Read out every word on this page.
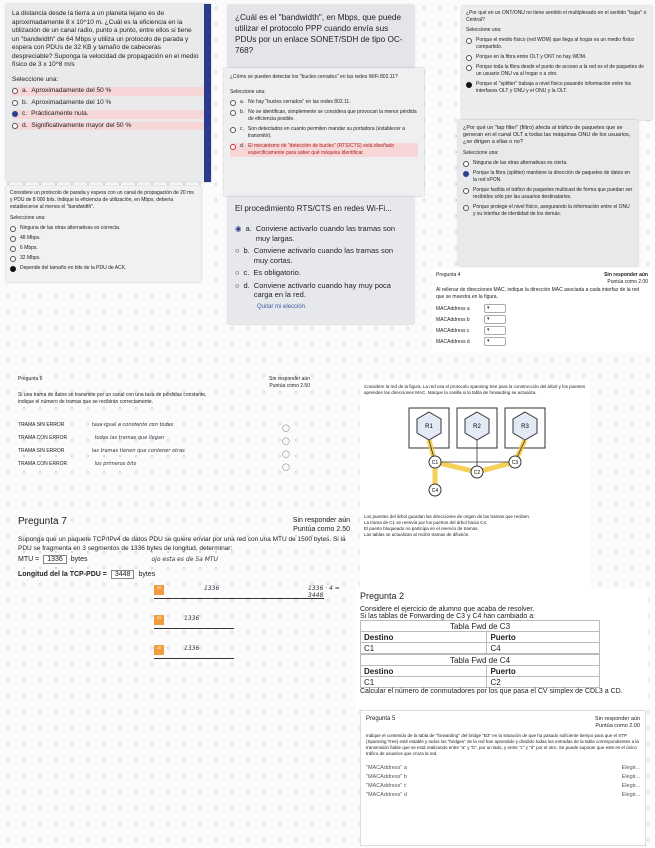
La distancia desde la tierra a un planeta lejano es de aproximadamente 8 x 10^10 m. ¿Cuál es la eficiencia en la utilización de un canal radio, punto a punto, entre ellos si tiene un "bandwidth" de 64 Mbps y utiliza un protocolo de parada y espera con PDUs de 32 KB y tamaño de cabeceras despreciable? Suponga la velocidad de propagación en el medio físico de 3 x 10^8 m/s
Seleccione una:
a. Aproximadamente del 50 %
b. Aproximadamente del 10 %
c. Prácticamente nula.
d. Significativamente mayor del 50 %
¿Cuál es el "bandwidth", en Mbps, que puede utilizar el protocolo PPP cuando envía sus PDUs por un enlace SONET/SDH de tipo OC-768?
¿Por qué en un ONT/ONU no tiene sentido el multiplexado en el sentido "bajar" o Central?
Seleccione una:
Porque el medio físico (red WDM) que llega al hogar es un medio físico compartido.
Porque en la fibra entre OLT y ONT no hay WDM.
Porque toda la fibra desde el punto de acceso a la red es el de paquetes de un usuario ONU va al hogar o a otro.
Porque el "splitter" trabaja a nivel físico pasando información entre los interfaces OLT y ONU y el ONU y la OLT.
¿Cómo se pueden detectar los "bucles cerrados" en las redes WiFi 802.11?
Seleccione una:
a. No hay "bucles cerrados" en las redes 802.11.
b. No se identifican, simplemente se considera que provocan la menor pérdida de eficiencia posible.
c. Son detectados en cuanto permiten mandar su portadora (establecer a transmitir).
d. El mecanismo de "detección de bucles" (RTS/CTS) está diseñado específicamente para saber qué máquina identificar.
¿Por qué un "tap filter" (filtro) afecta al tráfico de paquetes que se generan en el canal OLT a todas las máquinas ONU de los usuarios, ¿se dirigen a ellas o no?
Seleccione una:
Ninguna de las otras alternativas es cierta.
Porque la fibra (splitter) mantiene la dirección de paquetes de datos en la red xPON.
Porque facilita el tráfico de paquetes multicast de forma que puedan ser recibidos sólo por las usuarios destinatarios.
Porque protege el nivel físico, asegurando la información entre el ONU y su interfaz de identidad de los demás.
Considere un protocolo de parada y espera con un canal de propagación de 20 ms y PDU de 8 000 bits. Indique la eficiencia de utilización, en Mbps, debería establecerse al menos el "bandwidth".
Seleccione una:
Ninguna de las otras alternativas es correcta.
48 Mbps.
6 Mbps.
32 Mbps.
Depende del tamaño en bits de la PDU de ACK.
El procedimiento RTS/CTS en redes Wi-Fi...
◉ a. Conviene activarlo cuando las tramas son muy largas.
○ b. Conviene activarlo cuando las tramas son muy cortas.
○ c. Es obligatorio.
○ d. Conviene activarlo cuando hay muy poca carga en la red.
Quitar mi elección
Pregunta 4	Sin responder aún
Puntúa como 2.00
Al rellenar de direcciones MAC, indique la dirección MAC asociada a cada interfaz de la red que se muestra en la figura.
MACAddress a	▾
MACAddress b	▾
MACAddress c	▾
MACAddress d	▾
Pregunta 6	Sin responder aún
Puntúa como 2.50
Si una trama de datos se transmite por un canal con una tasa de pérdidas constante, indique el número de tramas que se recibirán correctamente.
TRAMA SIN ERROR	tasa igual a constante con todas
TRAMA CON ERROR	todas las tramas que llegan
TRAMA SIN ERROR	las tramas tienen que contener otras
TRAMA CON ERROR	los primeros bits
◯
◯
◯
◯
Considere la red de la figura. La red usa el protocolo spanning tree para la construcción del árbol y los puentes aprenden las direcciones MAC. Marque la casilla si la tabla de forwarding se actualiza.
R1	R2	R3
C1
C2
C3
C4
Los puentes del árbol guardan las direcciones de origen de las tramas que reciben.
La trama de C1 se reenvía por los puertos del árbol hacia C4.
El puerto bloqueado no participa en el reenvío de tramas.
Las tablas se actualizan al recibir tramas de difusión.
Pregunta 7	Sin responder aún
Puntúa como 2.50
Suponga que un paquete TCP/IPv4 de datos PDU se quiere enviar por una red con una MTU de 1500 bytes. Si la PDU se fragmenta en 3 segmentos de 1336 bytes de longitud, determinar:
MTU =	1336	bytes	ojo esta es de 5a MTU
Longitud del la TCP-PDU =	3448	bytes
20	1336
20	1336
20	1336
1336 · 4 = 3448	Pregunta 2
Considere el ejercicio de alumno que acaba de resolver.
Si las tablas de Forwarding de C3 y C4 han cambiado a:
Tabla Fwd de C3	
Destino	Puerto
C1	C4
Tabla Fwd de C4	
Destino	Puerto
C1	C2
Calcular el número de conmutadores por los que pasa el CV simplex de CDL3 a CD.
Pregunta 5	Sin responder aún
Puntúa como 2.00
Indique el contenido de la tabla de "forwarding" del bridge "B3" en la situación de que ha pasado suficiente tiempo para que el STP (Spanning Tree) esté estable y todos los "bridges" de la red han aprendido y dividido todas las entradas de la tabla correspondientes a la transmisión fiable que se está realizando entre "a" y "b", por un lado, y entre "c" y "d" por el otro. Se puede suponer que este es el único tráfico de usuarios que cruza la red.
"MACAddress" a	Elegir...
"MACAddress" b	Elegir...
"MACAddress" c	Elegir...
"MACAddress" d	Elegir...
